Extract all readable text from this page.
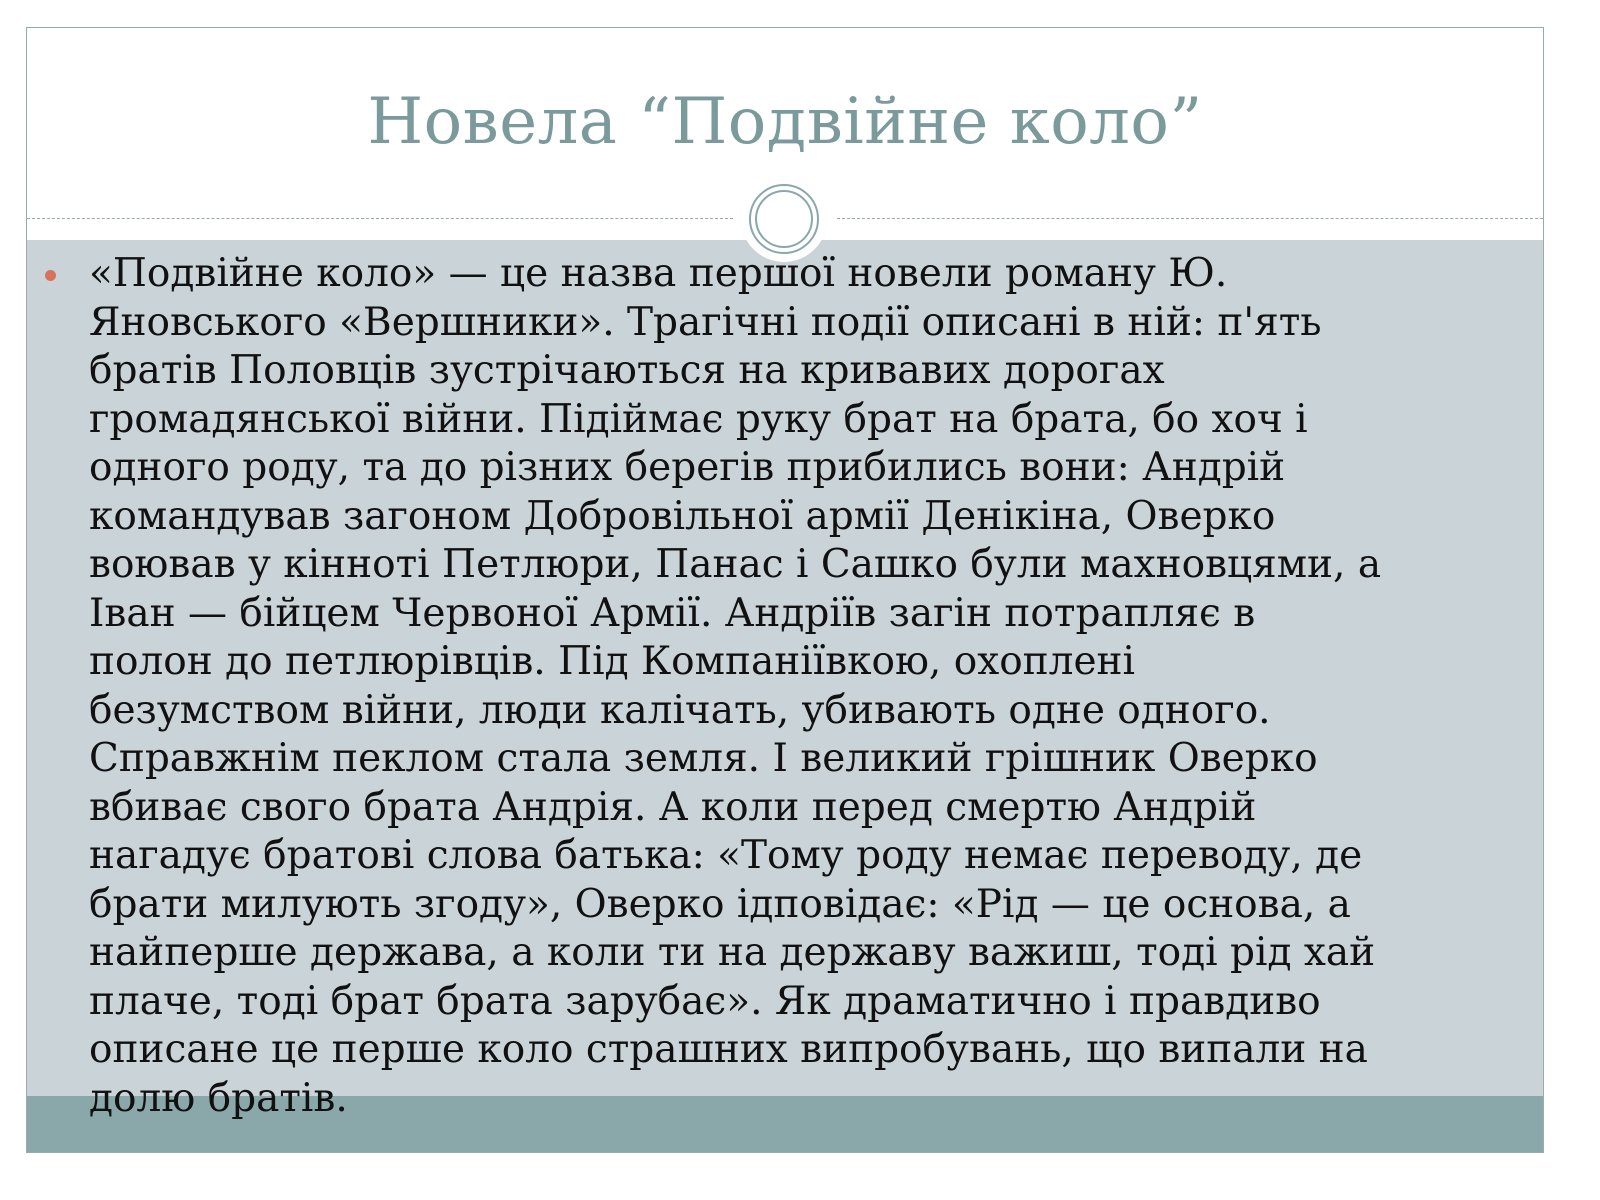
Новела “Подвійне коло”
«Подвійне коло» — це назва першої новели роману Ю.
Яновського «Вершники». Трагічні події описані в ній: п'ять
братів Половців зустрічаються на кривавих дорогах
громадянської війни. Підіймає руку брат на брата, бо хоч і
одного роду, та до різних берегів прибились вони: Андрій
командував загоном Добровільної армії Денікіна, Оверко
воював у кінноті Петлюри, Панас і Сашко були махновцями, а
Іван — бійцем Червоної Армії. Андріїв загін потрапляє в
полон до петлюрівців. Під Компаніївкою, охоплені
безумством війни, люди калічать, убивають одне одного.
Справжнім пеклом стала земля. І великий грішник Оверко
вбиває свого брата Андрія. А коли перед смертю Андрій
нагадує братові слова батька: «Тому роду немає переводу, де
брати милують згоду», Оверко ідповідає: «Рід — це основа, а
найперше держава, а коли ти на державу важиш, тоді рід хай
плаче, тоді брат брата зарубає». Як драматично і правдиво
описане це перше коло страшних випробувань, що випали на
долю братів.
